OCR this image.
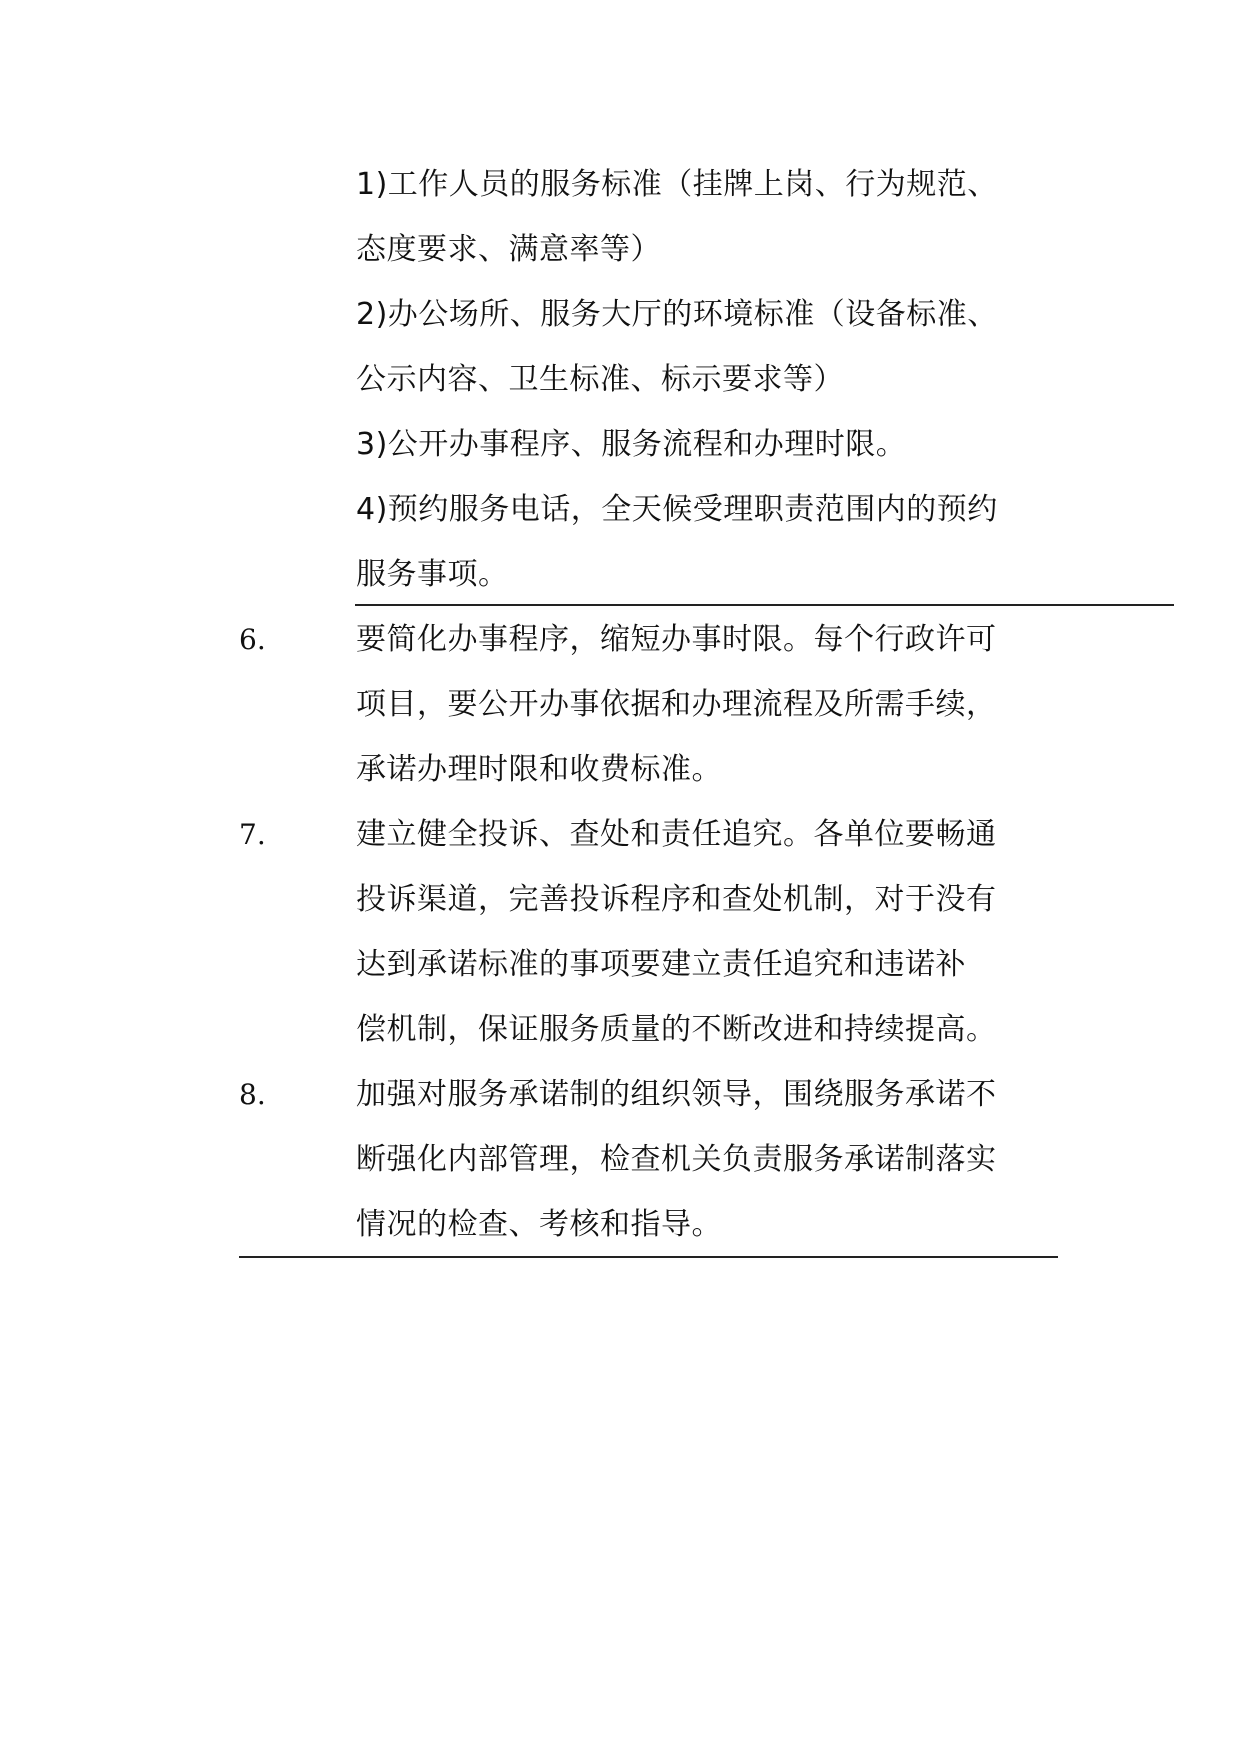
1)工作人员的服务标准（挂牌上岗、行为规范、
态度要求、满意率等）
2)办公场所、服务大厅的环境标准（设备标准、
公示内容、卫生标准、标示要求等）
3)公开办事程序、服务流程和办理时限。
4)预约服务电话，全天候受理职责范围内的预约
服务事项。
6.	要简化办事程序，缩短办事时限。每个行政许可
项目，要公开办事依据和办理流程及所需手续，
承诺办理时限和收费标准。
7.	建立健全投诉、查处和责任追究。各单位要畅通
投诉渠道，完善投诉程序和查处机制，对于没有
达到承诺标准的事项要建立责任追究和违诺补
偿机制，保证服务质量的不断改进和持续提高。
8.	加强对服务承诺制的组织领导，围绕服务承诺不
断强化内部管理，检查机关负责服务承诺制落实
情况的检查、考核和指导。
